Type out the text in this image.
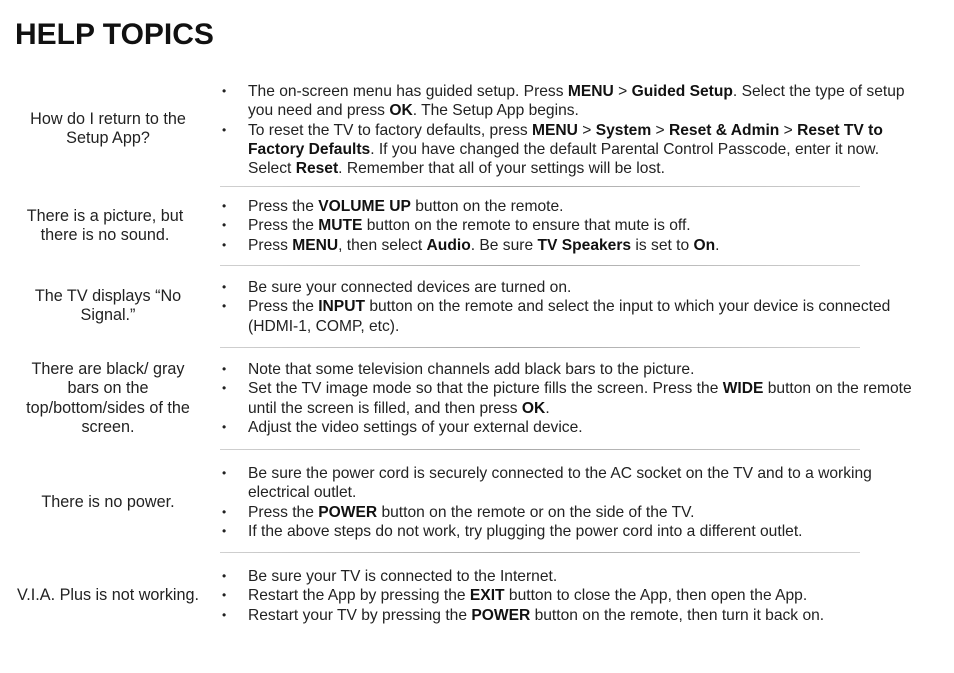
HELP TOPICS
How do I return to the Setup App?
• The on-screen menu has guided setup. Press MENU > Guided Setup. Select the type of setup you need and press OK. The Setup App begins.
• To reset the TV to factory defaults, press MENU > System > Reset & Admin > Reset TV to Factory Defaults. If you have changed the default Parental Control Passcode, enter it now. Select Reset. Remember that all of your settings will be lost.
There is a picture, but there is no sound.
• Press the VOLUME UP button on the remote.
• Press the MUTE button on the remote to ensure that mute is off.
• Press MENU, then select Audio. Be sure TV Speakers is set to On.
The TV displays “No Signal.”
• Be sure your connected devices are turned on.
• Press the INPUT button on the remote and select the input to which your device is connected (HDMI-1, COMP, etc).
There are black/ gray bars on the top/bottom/sides of the screen.
• Note that some television channels add black bars to the picture.
• Set the TV image mode so that the picture fills the screen. Press the WIDE button on the remote until the screen is filled, and then press OK.
• Adjust the video settings of your external device.
There is no power.
• Be sure the power cord is securely connected to the AC socket on the TV and to a working electrical outlet.
• Press the POWER button on the remote or on the side of the TV.
• If the above steps do not work, try plugging the power cord into a different outlet.
V.I.A. Plus is not working.
• Be sure your TV is connected to the Internet.
• Restart the App by pressing the EXIT button to close the App, then open the App.
• Restart your TV by pressing the POWER button on the remote, then turn it back on.
